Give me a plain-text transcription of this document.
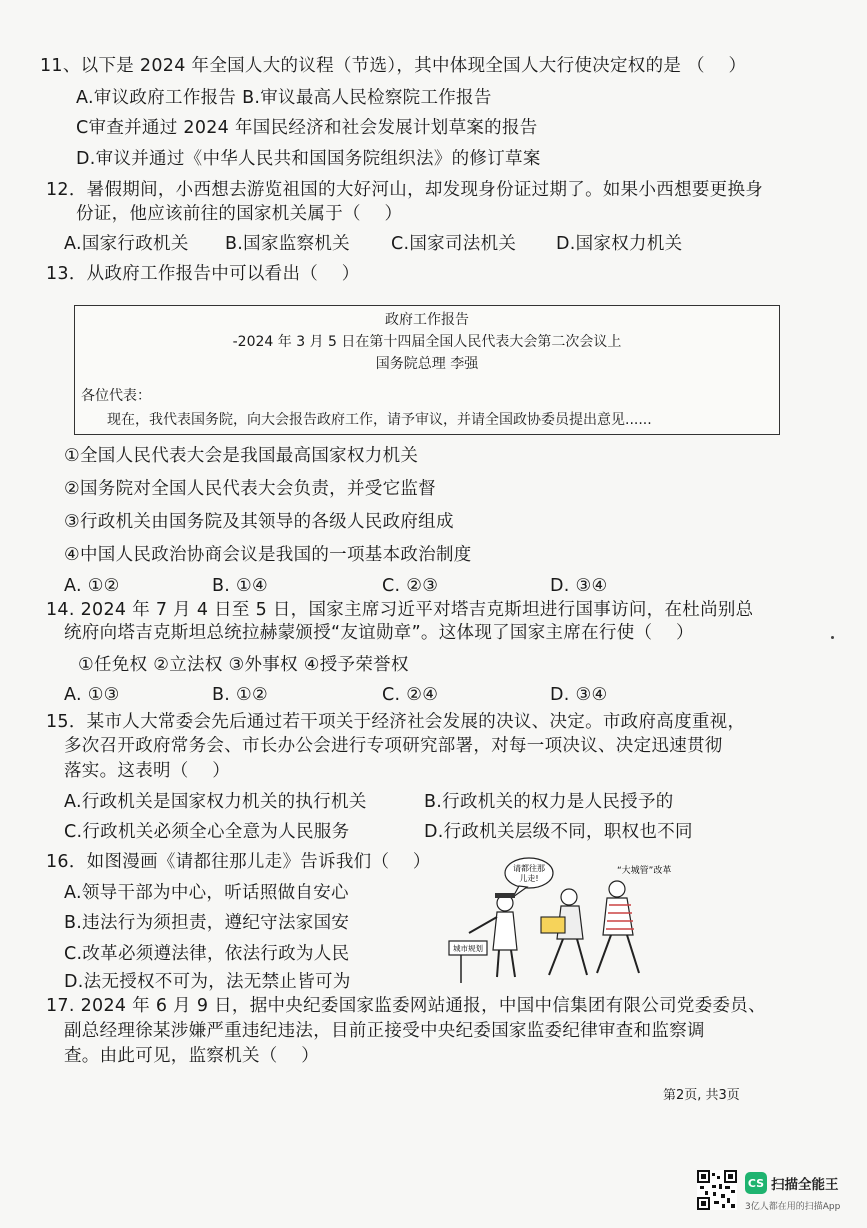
11、以下是 2024 年全国人大的议程（节选），其中体现全国人大行使决定权的是 （　 ）
A.审议政府工作报告 B.审议最高人民检察院工作报告
C审查并通过 2024 年国民经济和社会发展计划草案的报告
D.审议并通过《中华人民共和国国务院组织法》的修订草案
12．暑假期间，小西想去游览祖国的大好河山，却发现身份证过期了。如果小西想要更换身
份证，他应该前往的国家机关属于（　 ）
A.国家行政机关 B.国家监察机关 C.国家司法机关 D.国家权力机关
13．从政府工作报告中可以看出（　 ）
政府工作报告
-2024 年 3 月 5 日在第十四届全国人民代表大会第二次会议上
国务院总理 李强
各位代表：
现在，我代表国务院，向大会报告政府工作，请予审议，并请全国政协委员提出意见......
①全国人民代表大会是我国最高国家权力机关
②国务院对全国人民代表大会负责，并受它监督
③行政机关由国务院及其领导的各级人民政府组成
④中国人民政治协商会议是我国的一项基本政治制度
A. ①②	B. ①④	C. ②③	D. ③④
14. 2024 年 7 月 4 日至 5 日，国家主席习近平对塔吉克斯坦进行国事访问，在杜尚别总
统府向塔吉克斯坦总统拉赫蒙颁授“友谊勋章”。这体现了国家主席在行使（　 ）
①任免权 ②立法权 ③外事权 ④授予荣誉权
A. ①③	B. ①②	C. ②④	D. ③④
15．某市人大常委会先后通过若干项关于经济社会发展的决议、决定。市政府高度重视，
多次召开政府常务会、市长办公会进行专项研究部署，对每一项决议、决定迅速贯彻
落实。这表明（　 ）
A.行政机关是国家权力机关的执行机关	B.行政机关的权力是人民授予的
C.行政机关必须全心全意为人民服务	D.行政机关层级不同，职权也不同
16．如图漫画《请都往那儿走》告诉我们（　 ）
A.领导干部为中心，听话照做自安心
B.违法行为须担责，遵纪守法家国安
C.改革必须遵法律，依法行政为人民
D.法无授权不可为，法无禁止皆可为
请都往那
儿走!
“大城管”改革
城市规划
17. 2024 年 6 月 9 日，据中央纪委国家监委网站通报，中国中信集团有限公司党委委员、
副总经理徐某涉嫌严重违纪违法，目前正接受中央纪委国家监委纪律审查和监察调
查。由此可见，监察机关（　 ）
第2页, 共3页
CS 扫描全能王
3亿人都在用的扫描App
